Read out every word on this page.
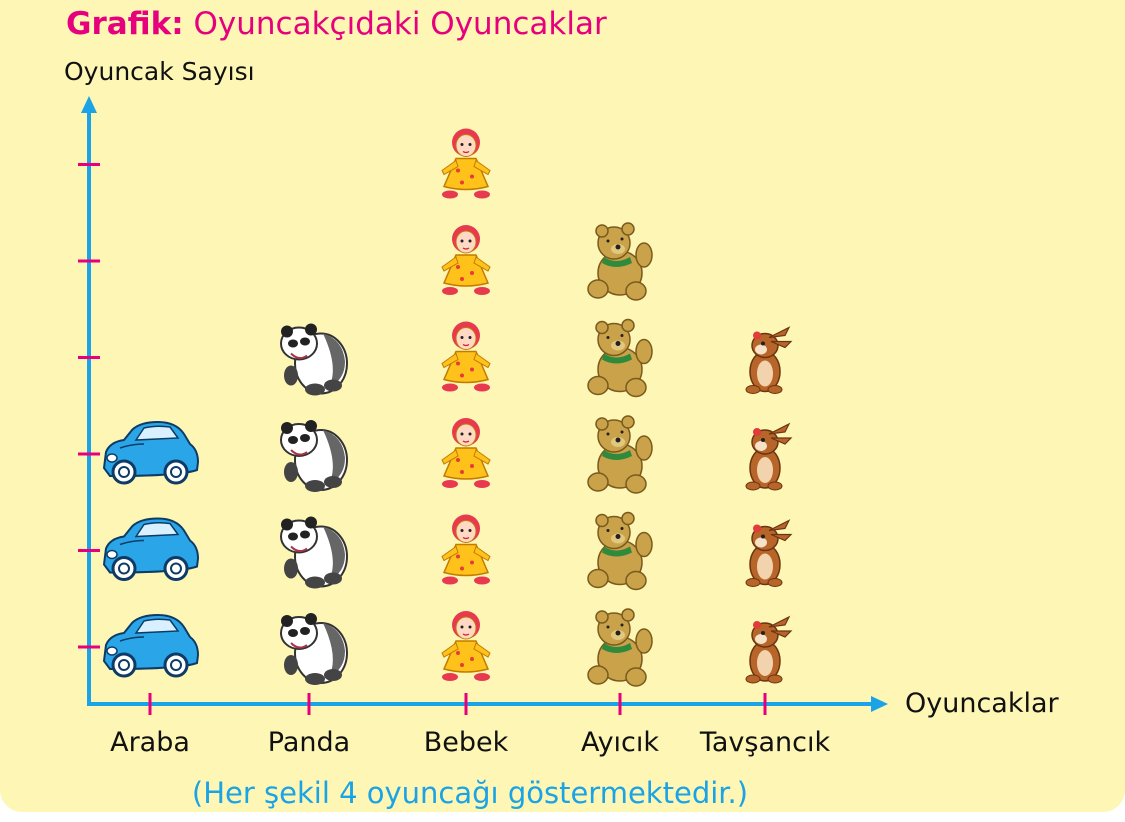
Grafik: Oyuncakçıdaki Oyuncaklar
Oyuncak Sayısı
Oyuncaklar
Araba	Panda	Bebek	Ayıcık	Tavşancık
(Her şekil 4 oyuncağı göstermektedir.)
